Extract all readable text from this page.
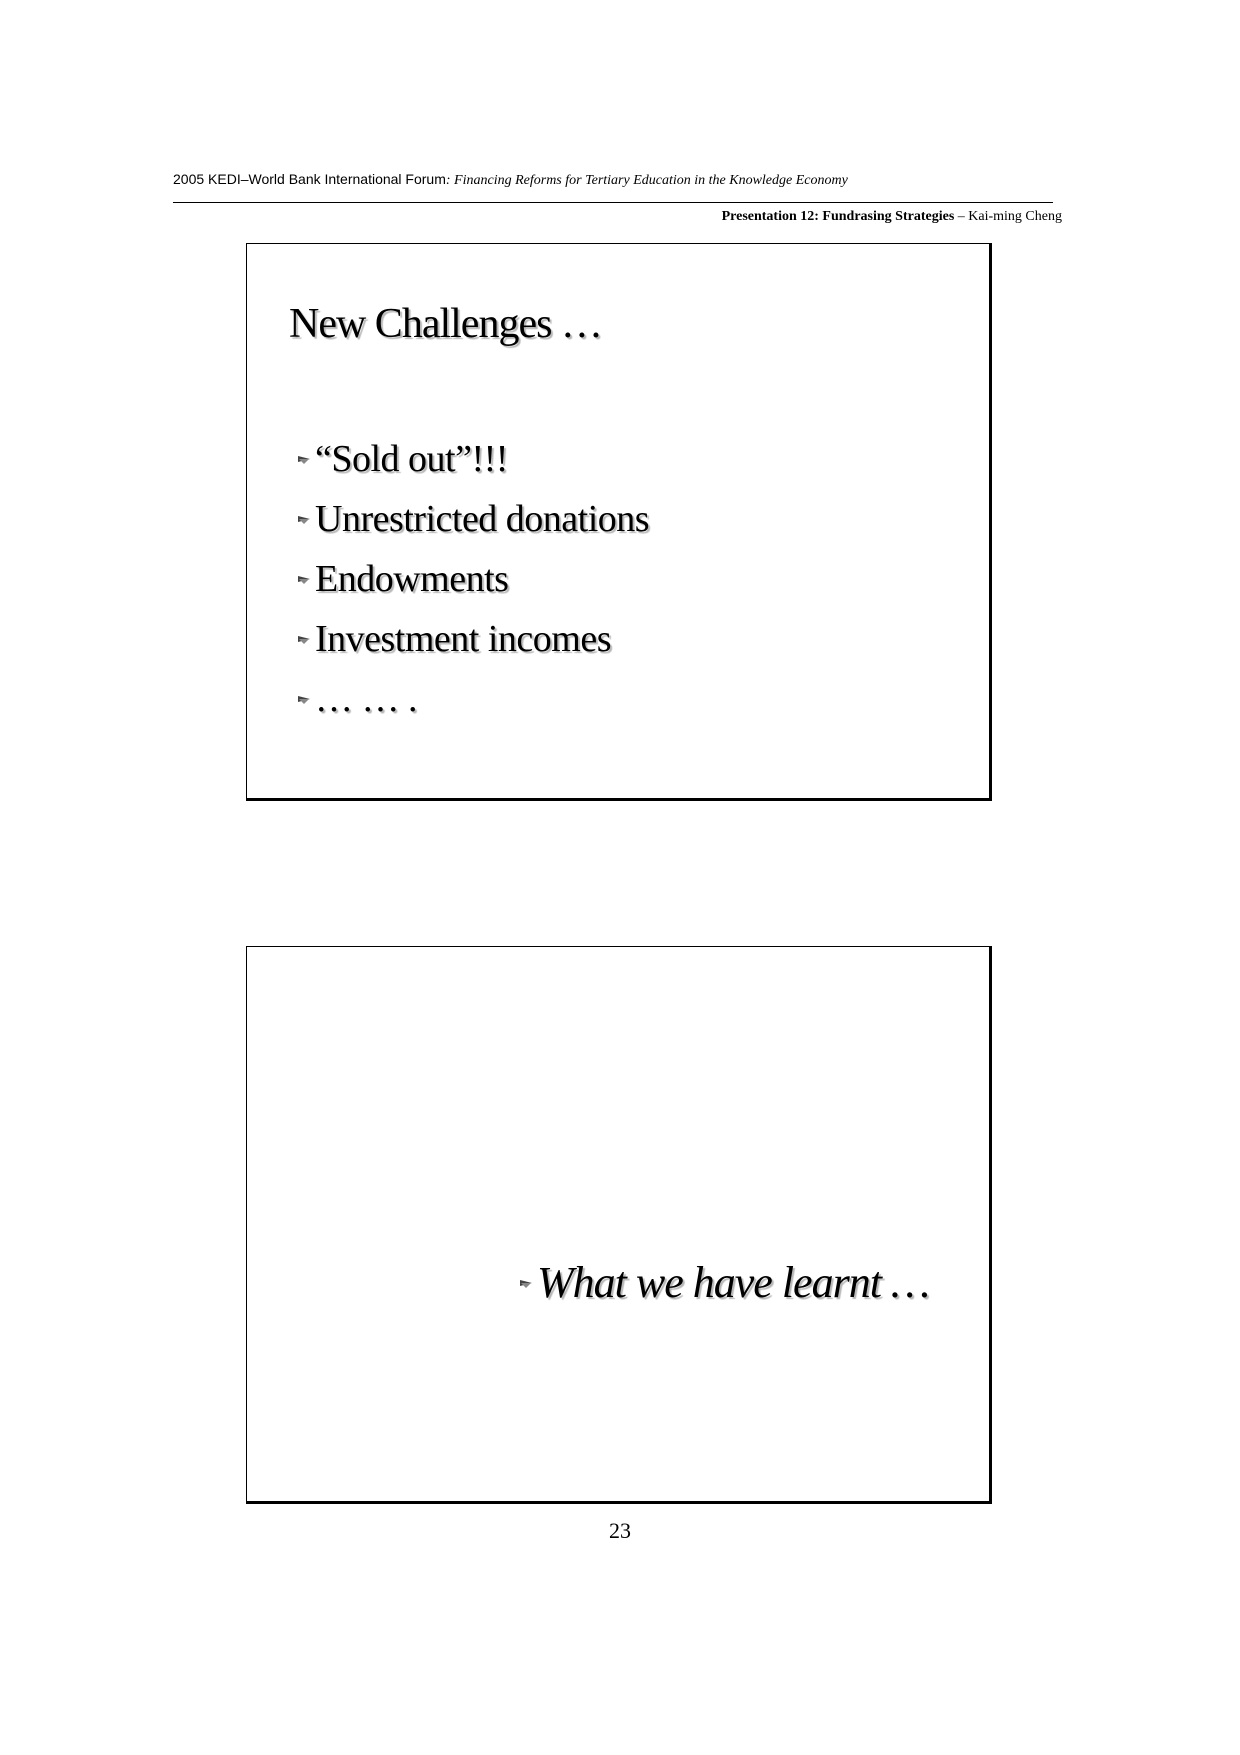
2005 KEDI–World Bank International Forum: Financing Reforms for Tertiary Education in the Knowledge Economy
Presentation 12: Fundrasing Strategies – Kai-ming Cheng
New Challenges …
“Sold out”!!!
Unrestricted donations
Endowments
Investment incomes
… … .
What we have learnt …
23
